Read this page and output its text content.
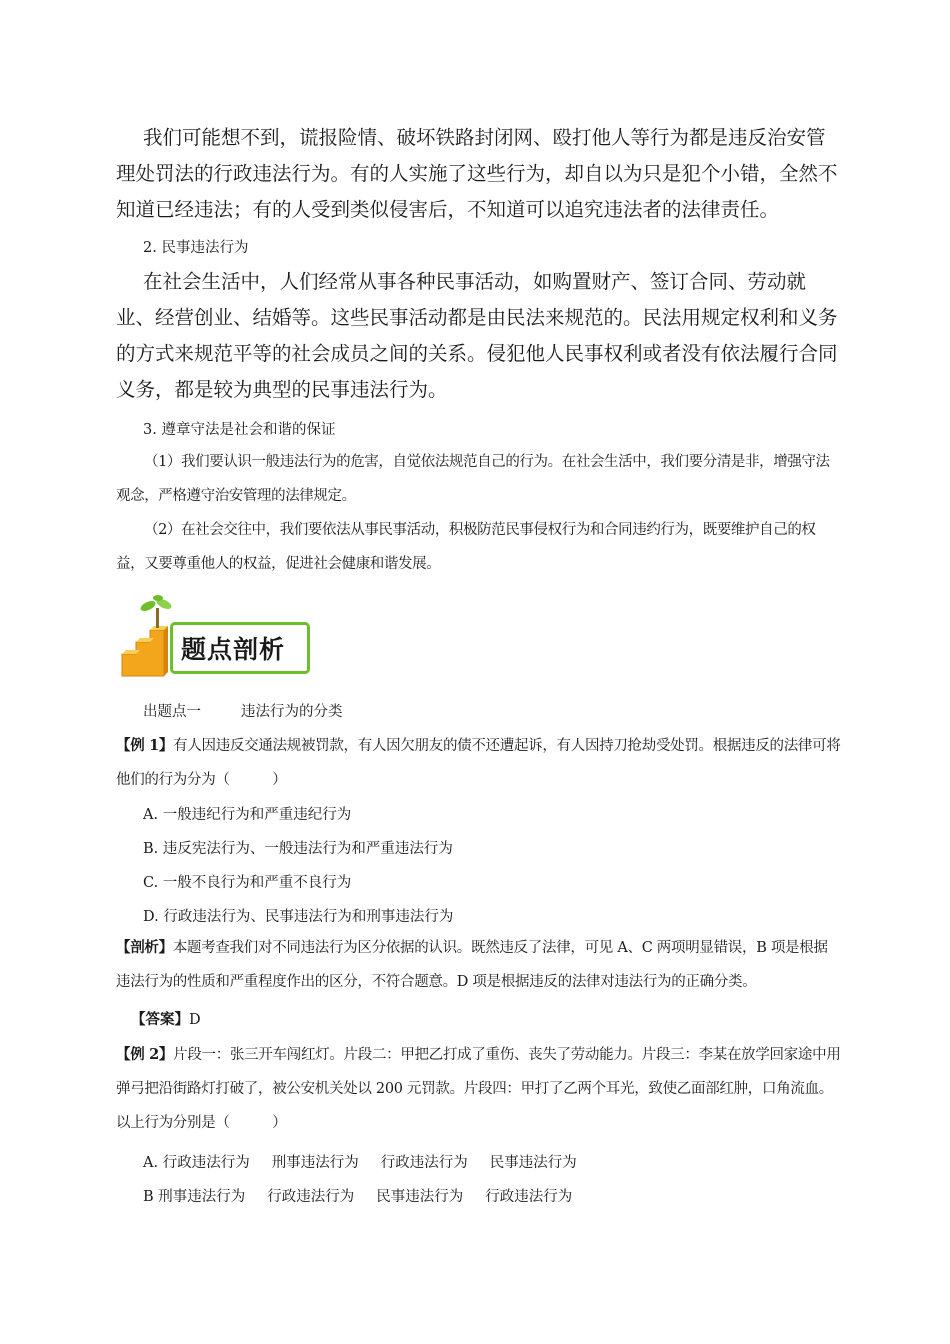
我们可能想不到，谎报险情、破坏铁路封闭网、殴打他人等行为都是违反治安管理处罚法的行政违法行为。有的人实施了这些行为，却自以为只是犯个小错，全然不知道已经违法；有的人受到类似侵害后，不知道可以追究违法者的法律责任。
2. 民事违法行为
在社会生活中，人们经常从事各种民事活动，如购置财产、签订合同、劳动就业、经营创业、结婚等。这些民事活动都是由民法来规范的。民法用规定权利和义务的方式来规范平等的社会成员之间的关系。侵犯他人民事权利或者没有依法履行合同义务，都是较为典型的民事违法行为。
3. 遵章守法是社会和谐的保证
（1）我们要认识一般违法行为的危害，自觉依法规范自己的行为。在社会生活中，我们要分清是非，增强守法观念，严格遵守治安管理的法律规定。
（2）在社会交往中，我们要依法从事民事活动，积极防范民事侵权行为和合同违约行为，既要维护自己的权益，又要尊重他人的权益，促进社会健康和谐发展。
题点剖析
出题点一	违法行为的分类
【例 1】有人因违反交通法规被罚款，有人因欠朋友的债不还遭起诉，有人因持刀抢劫受处罚。根据违反的法律可将他们的行为分为（　　　）
A. 一般违纪行为和严重违纪行为
B. 违反宪法行为、一般违法行为和严重违法行为
C. 一般不良行为和严重不良行为
D. 行政违法行为、民事违法行为和刑事违法行为
【剖析】本题考查我们对不同违法行为区分依据的认识。既然违反了法律，可见 A、C 两项明显错误，B 项是根据违法行为的性质和严重程度作出的区分，不符合题意。D 项是根据违反的法律对违法行为的正确分类。
【答案】D
【例 2】片段一：张三开车闯红灯。片段二：甲把乙打成了重伤、丧失了劳动能力。片段三：李某在放学回家途中用弹弓把沿街路灯打破了，被公安机关处以 200 元罚款。片段四：甲打了乙两个耳光，致使乙面部红肿，口角流血。以上行为分别是（　　　）
A. 行政违法行为 刑事违法行为 行政违法行为 民事违法行为
B 刑事违法行为 行政违法行为 民事违法行为 行政违法行为
